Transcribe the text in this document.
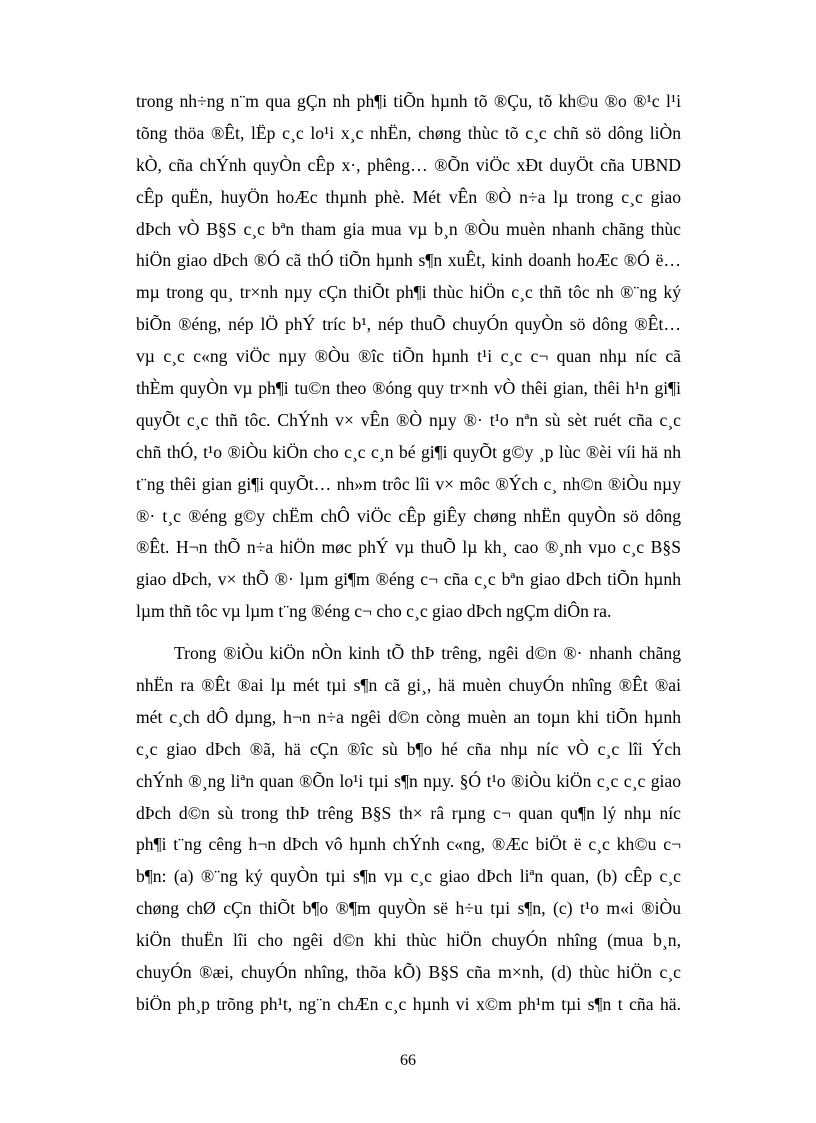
trong nh÷ng n¨m qua gÇn nh ph¶i tiÕn hµnh tõ ®Çu, tõ kh©u ®o ®¹c l¹i
tõng thöa ®Êt, lËp c¸c lo¹i x¸c nhËn, chøng thùc tõ c¸c chñ sö dông liÒn
kÒ, cña chÝnh quyÒn cÊp x·, phêng… ®Õn viÖc xÐt duyÖt cña UBND
cÊp quËn, huyÖn hoÆc thµnh phè. Mét vÊn ®Ò n÷a lµ trong c¸c giao
dÞch vÒ B§S c¸c bªn tham gia mua vµ b¸n ®Òu muèn nhanh chãng thùc
hiÖn giao dÞch ®Ó cã thÓ tiÕn hµnh s¶n xuÊt, kinh doanh hoÆc ®Ó ë…
mµ trong qu¸ tr×nh nµy cÇn thiÕt ph¶i thùc hiÖn c¸c thñ tôc nh ®¨ng ký
biÕn ®éng, nép lÖ phÝ tríc b¹, nép thuÕ chuyÓn quyÒn sö dông ®Êt…
vµ c¸c c«ng viÖc nµy ®Òu ®îc tiÕn hµnh t¹i c¸c c¬ quan nhµ níc cã
thÈm quyÒn vµ ph¶i tu©n theo ®óng quy tr×nh vÒ thêi gian, thêi h¹n gi¶i
quyÕt c¸c thñ tôc. ChÝnh v× vÊn ®Ò nµy ®· t¹o nªn sù sèt ruét cña c¸c
chñ thÓ, t¹o ®iÒu kiÖn cho c¸c c¸n bé gi¶i quyÕt g©y ¸p lùc ®èi víi hä nh
t¨ng thêi gian gi¶i quyÕt… nh»m trôc lîi v× môc ®Ých c¸ nh©n ®iÒu nµy
®· t¸c ®éng g©y chËm chÔ viÖc cÊp giÊy chøng nhËn quyÒn sö dông
®Êt. H¬n thÕ n÷a hiÖn møc phÝ vµ thuÕ lµ kh¸ cao ®¸nh vµo c¸c B§S
giao dÞch, v× thÕ ®· lµm gi¶m ®éng c¬ cña c¸c bªn giao dÞch tiÕn hµnh
lµm thñ tôc vµ lµm t¨ng ®éng c¬ cho c¸c giao dÞch ngÇm diÔn ra.
Trong ®iÒu kiÖn nÒn kinh tÕ thÞ trêng, ngêi d©n ®· nhanh chãng
nhËn ra ®Êt ®ai lµ mét tµi s¶n cã gi¸, hä muèn chuyÓn nhîng ®Êt ®ai
mét c¸ch dÔ dµng, h¬n n÷a ngêi d©n còng muèn an toµn khi tiÕn hµnh
c¸c giao dÞch ®ã, hä cÇn ®îc sù b¶o hé cña nhµ níc vÒ c¸c lîi Ých
chÝnh ®¸ng liªn quan ®Õn lo¹i tµi s¶n nµy. §Ó t¹o ®iÒu kiÖn c¸c c¸c giao
dÞch d©n sù trong thÞ trêng B§S th× râ rµng c¬ quan qu¶n lý nhµ níc
ph¶i t¨ng cêng h¬n dÞch vô hµnh chÝnh c«ng, ®Æc biÖt ë c¸c kh©u c¬
b¶n: (a) ®¨ng ký quyÒn tµi s¶n vµ c¸c giao dÞch liªn quan, (b) cÊp c¸c
chøng chØ cÇn thiÕt b¶o ®¶m quyÒn së h÷u tµi s¶n, (c) t¹o m«i ®iÒu
kiÖn thuËn lîi cho ngêi d©n khi thùc hiÖn chuyÓn nhîng (mua b¸n,
chuyÓn ®æi, chuyÓn nhîng, thõa kÕ) B§S cña m×nh, (d) thùc hiÖn c¸c
biÖn ph¸p trõng ph¹t, ng¨n chÆn c¸c hµnh vi x©m ph¹m tµi s¶n t cña hä.
66
